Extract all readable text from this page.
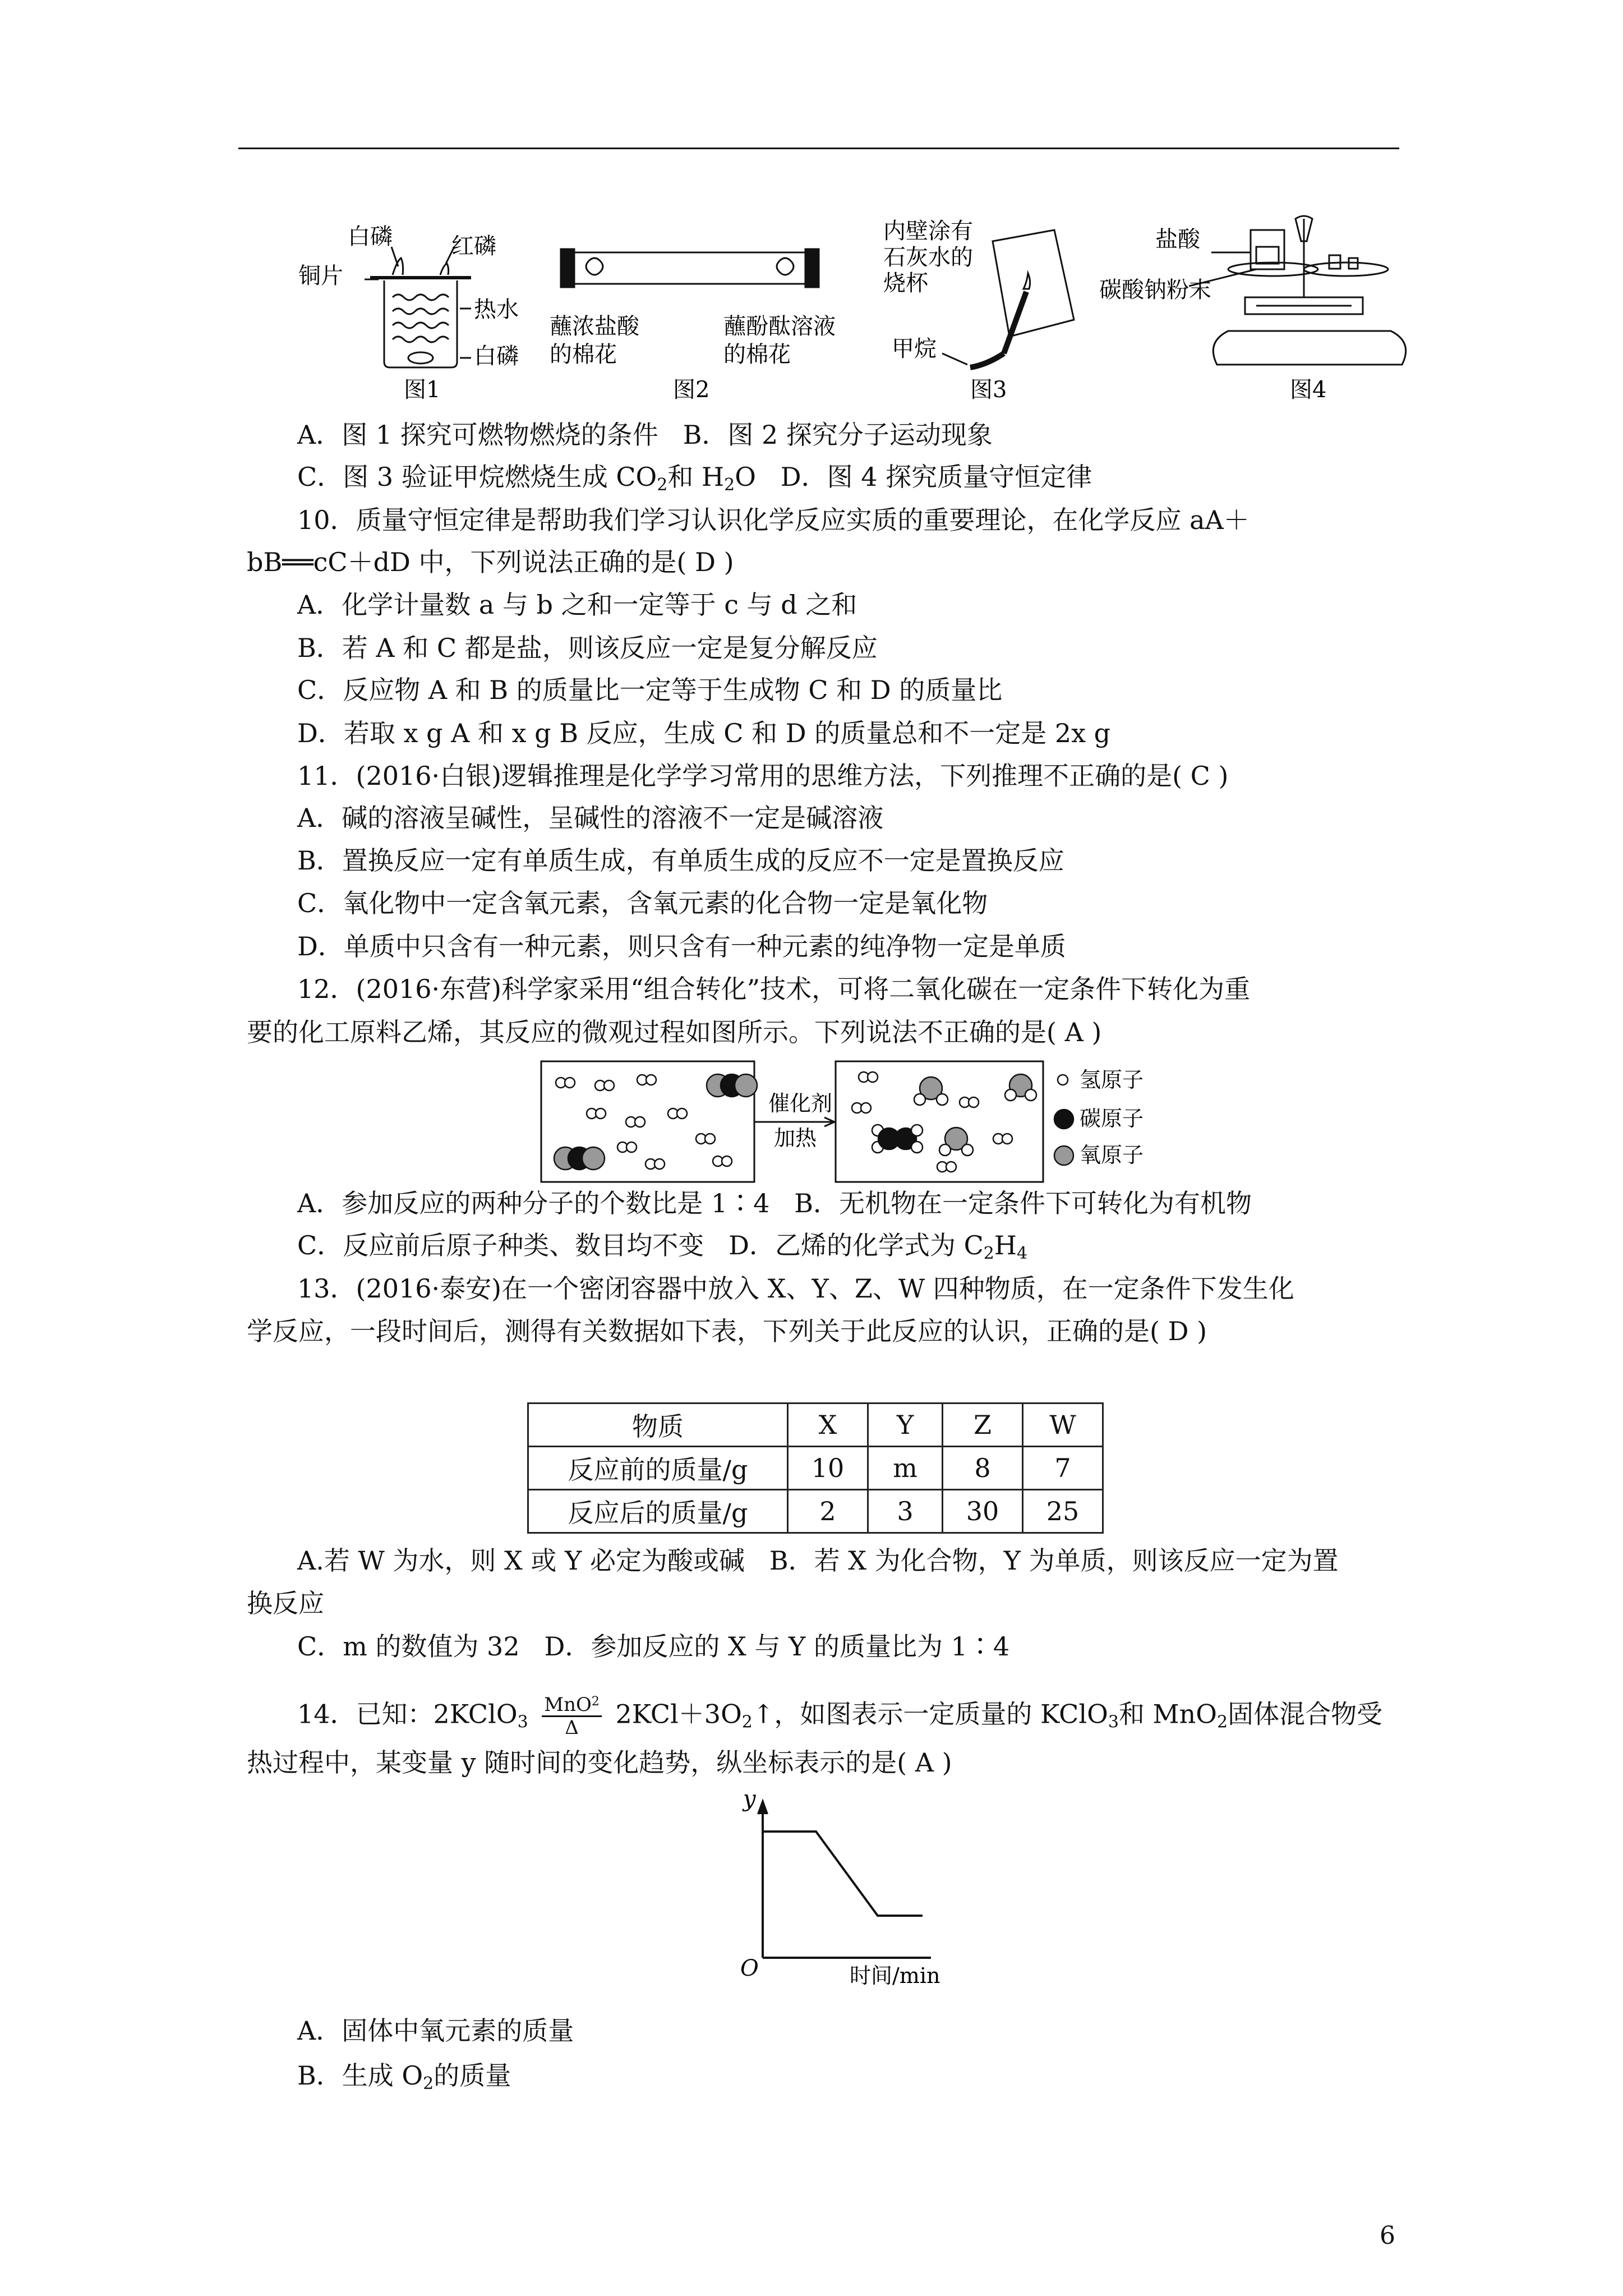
白磷	红磷
铜片
热水
白磷
图1
蘸浓盐酸
的棉花
蘸酚酞溶液
的棉花
图2
内壁涂有
石灰水的
烧杯
甲烷
图3
盐酸
碳酸钠粉末
图4
A．图 1 探究可燃物燃烧的条件 B．图 2 探究分子运动现象
C．图 3 验证甲烷燃烧生成 $CO_2$和 $H_2O$ D．图 4 探究质量守恒定律
10．质量守恒定律是帮助我们学习认识化学反应实质的重要理论，在化学反应 aA＋
bB══cC＋dD 中，下列说法正确的是( D )
A．化学计量数 a 与 b 之和一定等于 c 与 d 之和
B．若 A 和 C 都是盐，则该反应一定是复分解反应
C．反应物 A 和 B 的质量比一定等于生成物 C 和 D 的质量比
D．若取 x g A 和 x g B 反应，生成 C 和 D 的质量总和不一定是 2x g
11．(2016·白银)逻辑推理是化学学习常用的思维方法，下列推理不正确的是( C )
A．碱的溶液呈碱性，呈碱性的溶液不一定是碱溶液
B．置换反应一定有单质生成，有单质生成的反应不一定是置换反应
C．氧化物中一定含氧元素，含氧元素的化合物一定是氧化物
D．单质中只含有一种元素，则只含有一种元素的纯净物一定是单质
12．(2016·东营)科学家采用“组合转化”技术，可将二氧化碳在一定条件下转化为重
要的化工原料乙烯，其反应的微观过程如图所示。下列说法不正确的是( A )
催化剂
加热
氢原子
碳原子
氧原子
A．参加反应的两种分子的个数比是 1∶4 B．无机物在一定条件下可转化为有机物
C．反应前后原子种类、数目均不变 D．乙烯的化学式为 $C_2H_4$
13．(2016·泰安)在一个密闭容器中放入 X、Y、Z、W 四种物质，在一定条件下发生化
学反应，一段时间后，测得有关数据如下表，下列关于此反应的认识，正确的是( D )
物质	X	Y	Z	W
反应前的质量/g	10	m	8	7
反应后的质量/g	2	3	30	25
A.若 W 为水，则 X 或 Y 必定为酸或碱 B．若 X 为化合物，Y 为单质，则该反应一定为置
换反应
C．m 的数值为 32 D．参加反应的 X 与 Y 的质量比为 1∶4
14．已知：2KClO$_3$
MnO$^2$
Δ	$2KCl+3O_2↑$，如图表示一定质量的 KClO$_3$和 MnO$_2$固体混合物受
热过程中，某变量 y 随时间的变化趋势，纵坐标表示的是( A )
y
O	时间/min
A．固体中氧元素的质量
B．生成 $O_2$的质量
6
